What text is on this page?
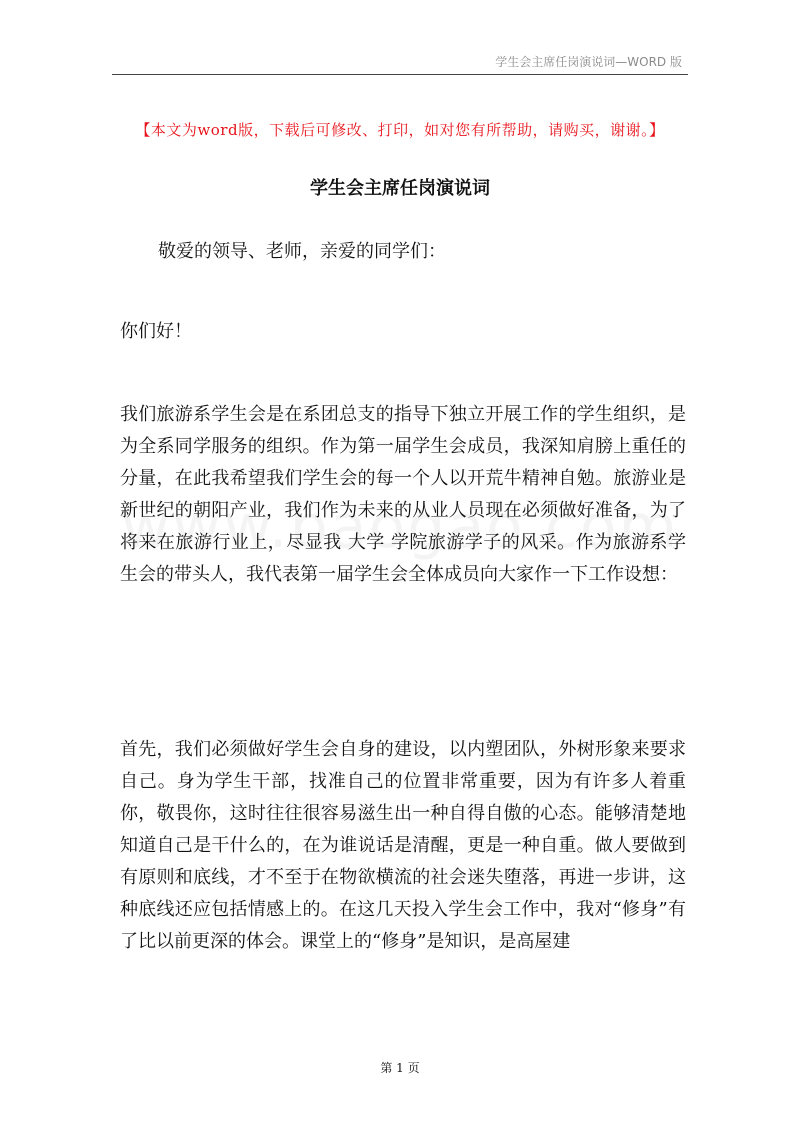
学生会主席任岗演说词—WORD 版
【本文为word版，下载后可修改、打印，如对您有所帮助，请购买，谢谢。】
学生会主席任岗演说词
敬爱的领导、老师，亲爱的同学们：
你们好！
我们旅游系学生会是在系团总支的指导下独立开展工作的学生组织，是为全系同学服务的组织。作为第一届学生会成员，我深知肩膀上重任的分量，在此我希望我们学生会的每一个人以开荒牛精神自勉。旅游业是新世纪的朝阳产业，我们作为未来的从业人员现在必须做好准备，为了将来在旅游行业上，尽显我 大学 学院旅游学子的风采。作为旅游系学生会的带头人，我代表第一届学生会全体成员向大家作一下工作设想：
首先，我们必须做好学生会自身的建设，以内塑团队，外树形象来要求自己。身为学生干部，找准自己的位置非常重要，因为有许多人着重你，敬畏你，这时往往很容易滋生出一种自得自傲的心态。能够清楚地知道自己是干什么的，在为谁说话是清醒，更是一种自重。做人要做到有原则和底线，才不至于在物欲横流的社会迷失堕落，再进一步讲，这种底线还应包括情感上的。在这几天投入学生会工作中，我对“修身”有了比以前更深的体会。课堂上的“修身”是知识，是高屋建
第 1 页
